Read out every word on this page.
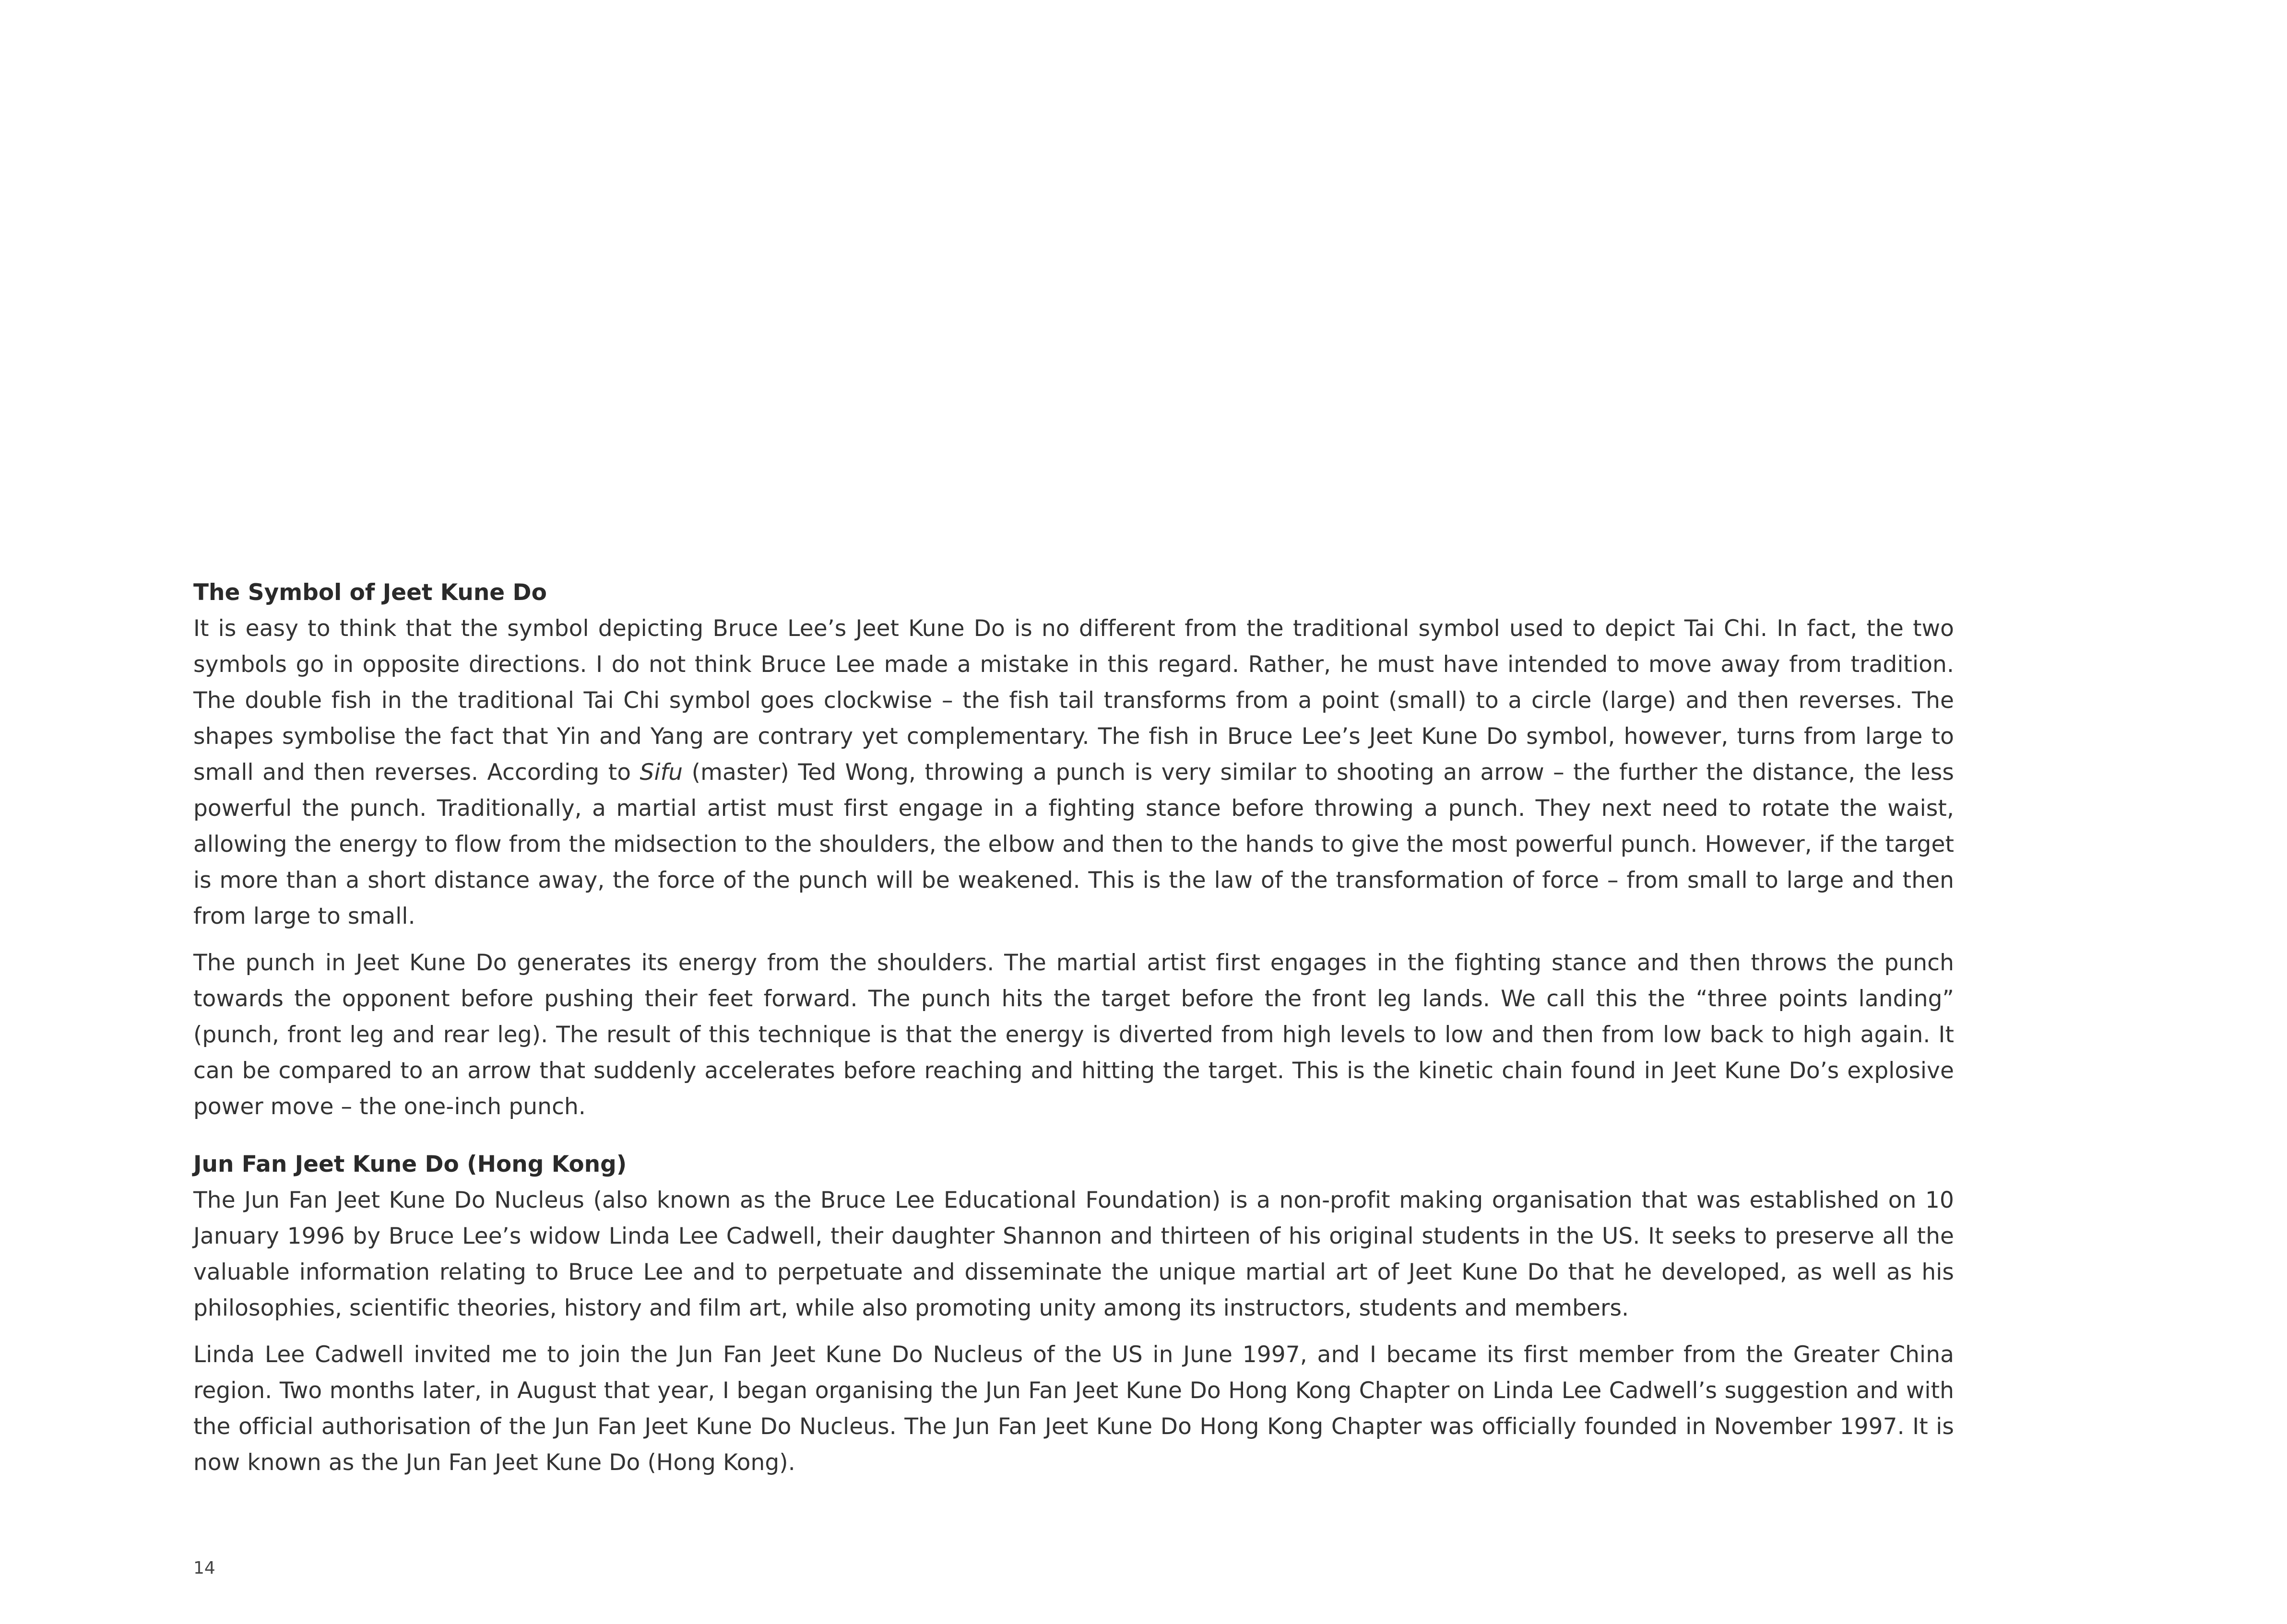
The Symbol of Jeet Kune Do

It is easy to think that the symbol depicting Bruce Lee’s Jeet Kune Do is no different from the traditional symbol used to depict Tai Chi. In fact, the two symbols go in opposite directions. I do not think Bruce Lee made a mistake in this regard. Rather, he must have intended to move away from tradition. The double fish in the traditional Tai Chi symbol goes clockwise – the fish tail transforms from a point (small) to a circle (large) and then reverses. The shapes symbolise the fact that Yin and Yang are contrary yet complementary. The fish in Bruce Lee’s Jeet Kune Do symbol, however, turns from large to small and then reverses. According to Sifu (master) Ted Wong, throwing a punch is very similar to shooting an arrow – the further the distance, the less powerful the punch. Traditionally, a martial artist must first engage in a fighting stance before throwing a punch. They next need to rotate the waist, allowing the energy to flow from the midsection to the shoulders, the elbow and then to the hands to give the most powerful punch. However, if the target is more than a short distance away, the force of the punch will be weakened. This is the law of the transformation of force – from small to large and then from large to small.

The punch in Jeet Kune Do generates its energy from the shoulders. The martial artist first engages in the fighting stance and then throws the punch towards the opponent before pushing their feet forward. The punch hits the target before the front leg lands. We call this the “three points landing” (punch, front leg and rear leg). The result of this technique is that the energy is diverted from high levels to low and then from low back to high again. It can be compared to an arrow that suddenly accelerates before reaching and hitting the target. This is the kinetic chain found in Jeet Kune Do’s explosive power move – the one-inch punch.

Jun Fan Jeet Kune Do (Hong Kong)

The Jun Fan Jeet Kune Do Nucleus (also known as the Bruce Lee Educational Foundation) is a non-profit making organisation that was established on 10 January 1996 by Bruce Lee’s widow Linda Lee Cadwell, their daughter Shannon and thirteen of his original students in the US. It seeks to preserve all the valuable information relating to Bruce Lee and to perpetuate and disseminate the unique martial art of Jeet Kune Do that he developed, as well as his philosophies, scientific theories, history and film art, while also promoting unity among its instructors, students and members.

Linda Lee Cadwell invited me to join the Jun Fan Jeet Kune Do Nucleus of the US in June 1997, and I became its first member from the Greater China region. Two months later, in August that year, I began organising the Jun Fan Jeet Kune Do Hong Kong Chapter on Linda Lee Cadwell’s suggestion and with the official authorisation of the Jun Fan Jeet Kune Do Nucleus. The Jun Fan Jeet Kune Do Hong Kong Chapter was officially founded in November 1997. It is now known as the Jun Fan Jeet Kune Do (Hong Kong).

14
